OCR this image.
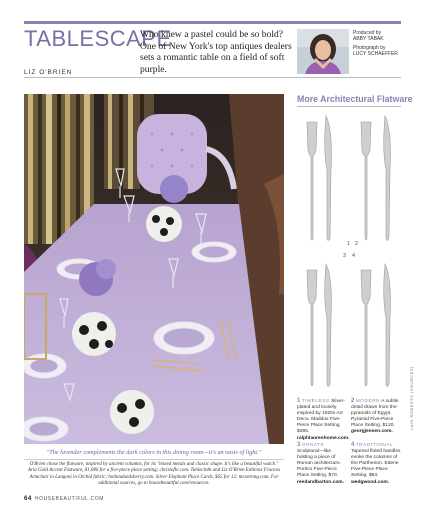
TABLESCAPE
Who knew a pastel could be so bold? One of New York's top antiques dealers sets a romantic table on a field of soft purple.
LIZ O'BRIEN
Produced by
ABBY TABAK
Photograph by
LUCY SCHAEFFER
"The lavender complements the dark colors in this dining room—it's an oasis of light."
O'Brien chose the flatware, inspired by ancient columns, for its "mixed metals and classic shape. It's like a beautiful watch." Aria Gold Accent Flatware, $1,086 for a five-piece place setting; christofle.com. Tablecloth and Liz O'Brien Editions Frances Armchair in Langoni in Orchid fabric; hollandandsherry.com. Silver Elephant Place Cards, $65 for 12; mrsstrong.com. For additional sources, go to housebeautiful.com/resources.
More Architectural Flatware
1 2
3 4
1 TIMELESS Silver-plated and loosely inspired by 1920s Art Deco. Maddox Five-Piece Place Setting, $395. ralphlaurenhome.com.
2 MODERN A subtle detail drawn from the pyramids of Egypt. Pyramid Five-Piece Place Setting, $120. georgjensen.com.
3 ORNATE Sculptural—like holding a piece of Roman architecture. Portico Five-Piece Place Setting, $70. reedandbarton.com.
4 TRADITIONAL Tapered fluted handles evoke the columns of the Parthenon. Edene Five-Piece Place Setting, $83. wedgwood.com.
LAIN ROBERTS (SOURCES)
64 HOUSEBEAUTIFUL.COM
